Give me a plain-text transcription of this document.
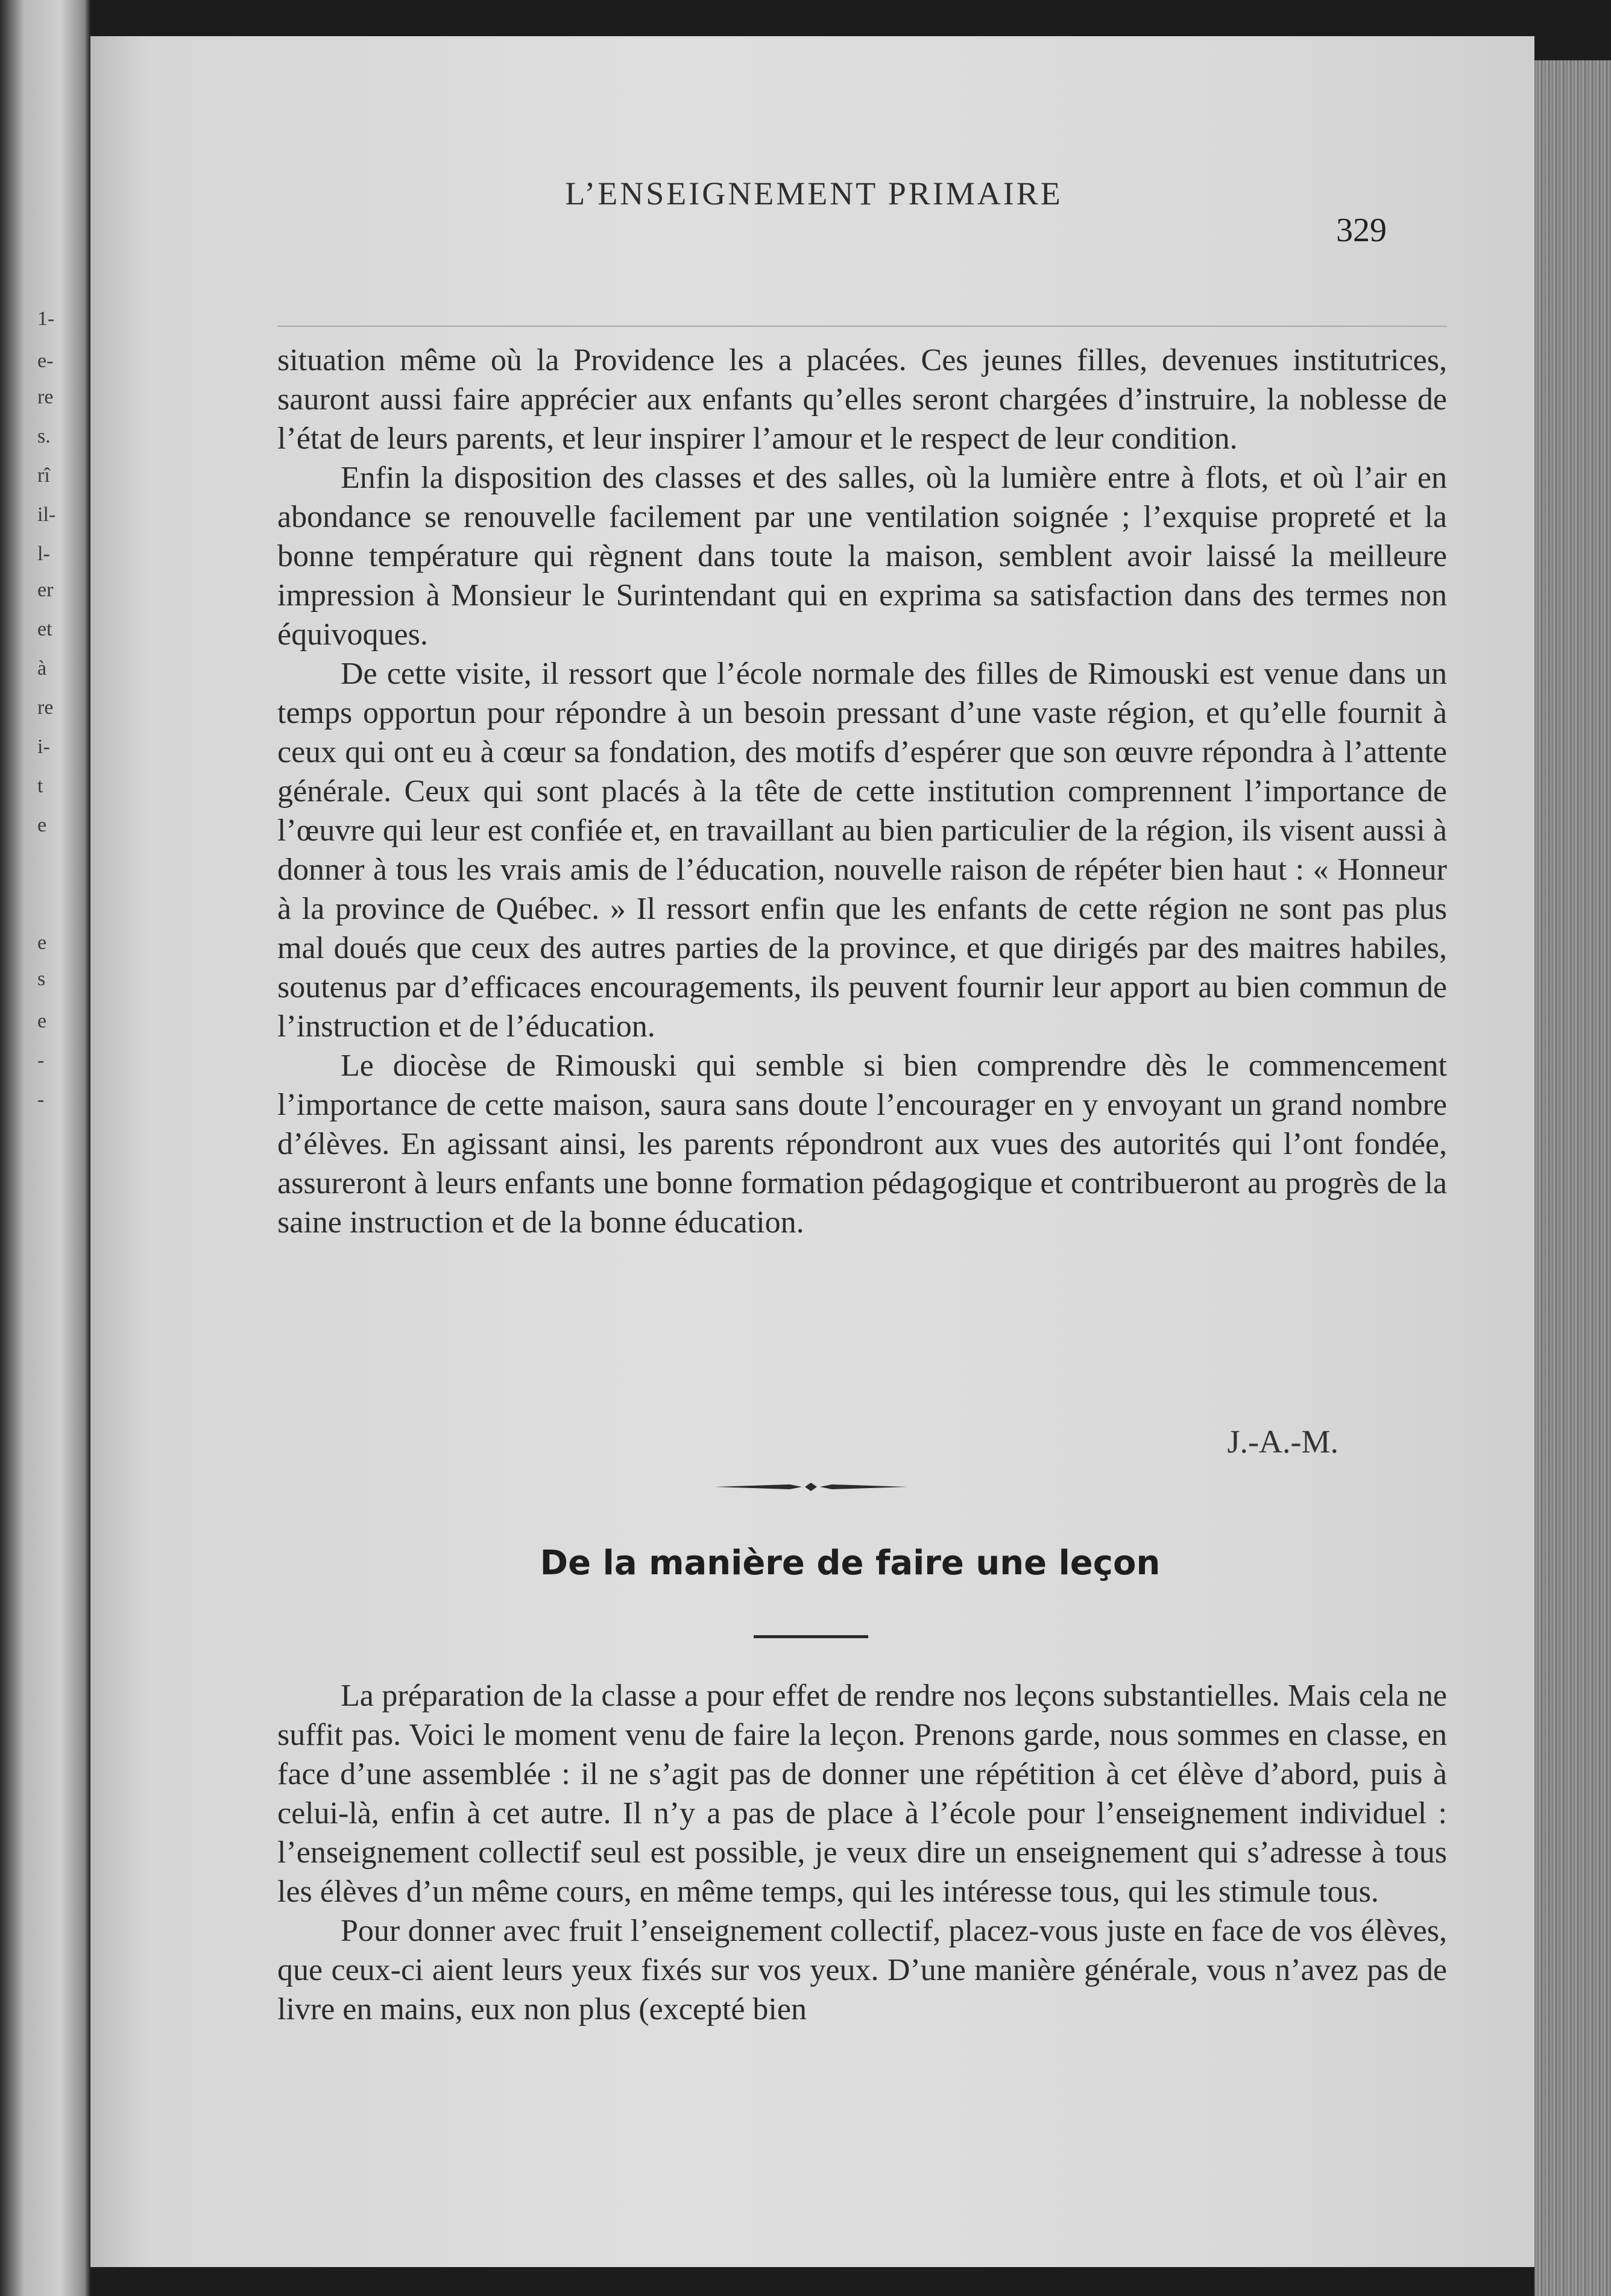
1-
e-
re
s.
rî
il-
l-
er
et
à
re
i-
t
e
e
s
e
-
-
L’ENSEIGNEMENT PRIMAIRE
329

situation même où la Providence les a placées. Ces jeunes filles, devenues institutrices, sauront aussi faire apprécier aux enfants qu’elles seront chargées d’instruire, la noblesse de l’état de leurs parents, et leur inspirer l’amour et le respect de leur condition.

Enfin la disposition des classes et des salles, où la lumière entre à flots, et où l’air en abondance se renouvelle facilement par une ventilation soignée ; l’exquise propreté et la bonne température qui règnent dans toute la maison, semblent avoir laissé la meilleure impression à Monsieur le Surintendant qui en exprima sa satisfaction dans des termes non équivoques.

De cette visite, il ressort que l’école normale des filles de Rimouski est venue dans un temps opportun pour répondre à un besoin pressant d’une vaste région, et qu’elle fournit à ceux qui ont eu à cœur sa fondation, des motifs d’espérer que son œuvre répondra à l’attente générale. Ceux qui sont placés à la tête de cette institution comprennent l’importance de l’œuvre qui leur est confiée et, en travaillant au bien particulier de la région, ils visent aussi à donner à tous les vrais amis de l’éducation, nouvelle raison de répéter bien haut : « Honneur à la province de Québec. » Il ressort enfin que les enfants de cette région ne sont pas plus mal doués que ceux des autres parties de la province, et que dirigés par des maitres habiles, soutenus par d’efficaces encouragements, ils peuvent fournir leur apport au bien commun de l’instruction et de l’éducation.

Le diocèse de Rimouski qui semble si bien comprendre dès le commencement l’importance de cette maison, saura sans doute l’encourager en y envoyant un grand nombre d’élèves. En agissant ainsi, les parents répondront aux vues des autorités qui l’ont fondée, assureront à leurs enfants une bonne formation pédagogique et contribueront au progrès de la saine instruction et de la bonne éducation.

J.-A.-M.
De la manière de faire une leçon

La préparation de la classe a pour effet de rendre nos leçons substantielles. Mais cela ne suffit pas. Voici le moment venu de faire la leçon. Prenons garde, nous sommes en classe, en face d’une assemblée : il ne s’agit pas de donner une répétition à cet élève d’abord, puis à celui-là, enfin à cet autre. Il n’y a pas de place à l’école pour l’enseignement individuel : l’enseignement collectif seul est possible, je veux dire un enseignement qui s’adresse à tous les élèves d’un même cours, en même temps, qui les intéresse tous, qui les stimule tous.

Pour donner avec fruit l’enseignement collectif, placez-vous juste en face de vos élèves, que ceux-ci aient leurs yeux fixés sur vos yeux. D’une manière générale, vous n’avez pas de livre en mains, eux non plus (excepté bien
